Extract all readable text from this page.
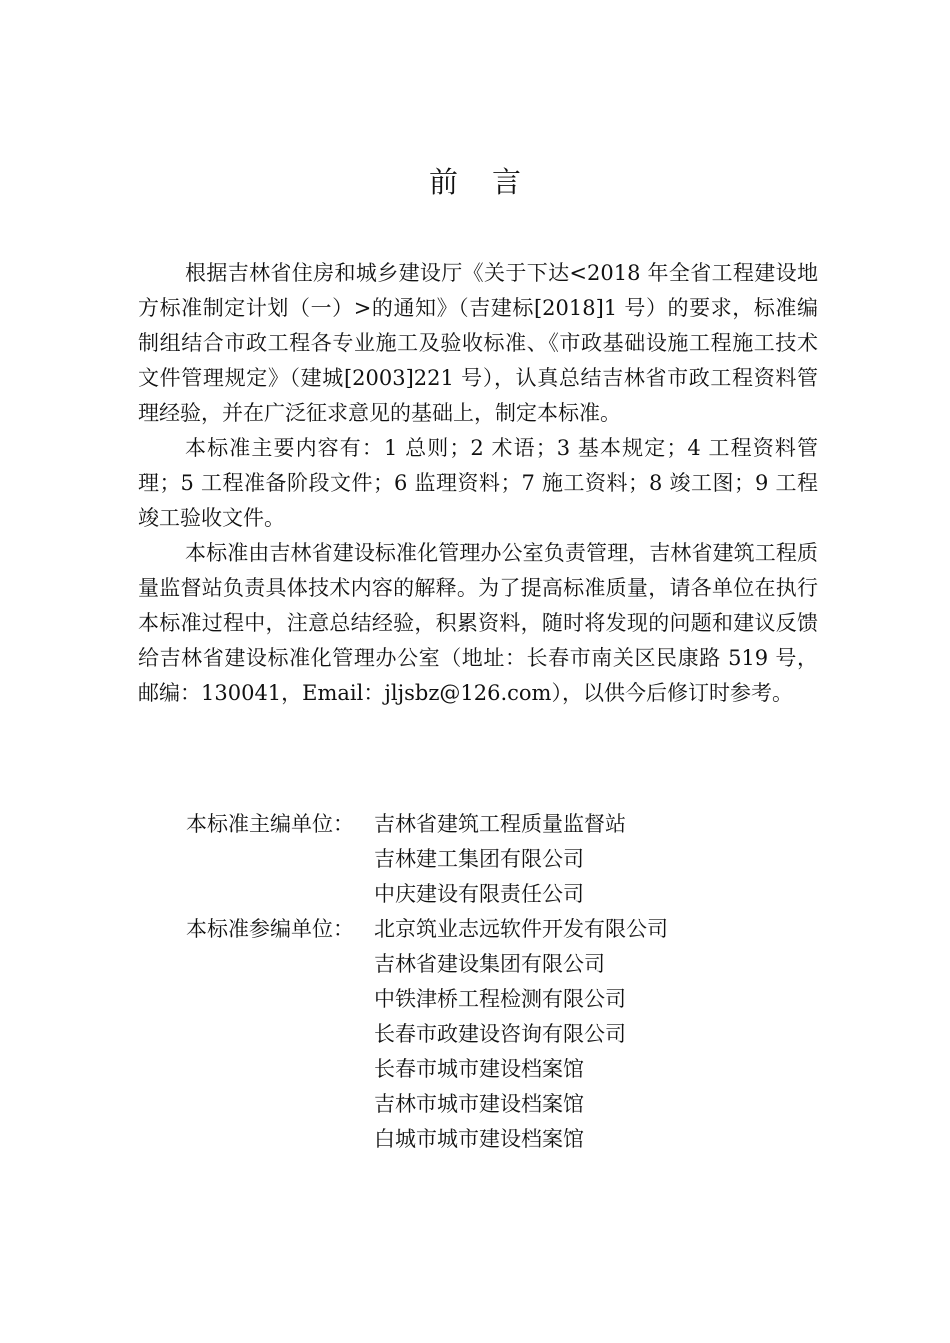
前言

根据吉林省住房和城乡建设厅《关于下达<2018 年全省工程建设地方标准制定计划（一）>的通知》（吉建标[2018]1 号）的要求，标准编制组结合市政工程各专业施工及验收标准、《市政基础设施工程施工技术文件管理规定》（建城[2003]221 号），认真总结吉林省市政工程资料管理经验，并在广泛征求意见的基础上，制定本标准。

本标准主要内容有：1 总则；2 术语；3 基本规定；4 工程资料管理；5 工程准备阶段文件；6 监理资料；7 施工资料；8 竣工图；9 工程竣工验收文件。

本标准由吉林省建设标准化管理办公室负责管理，吉林省建筑工程质量监督站负责具体技术内容的解释。为了提高标准质量，请各单位在执行本标准过程中，注意总结经验，积累资料，随时将发现的问题和建议反馈给吉林省建设标准化管理办公室（地址：长春市南关区民康路 519 号，邮编：130041，Email：jljsbz@126.com），以供今后修订时参考。

本标准主编单位： 吉林省建筑工程质量监督站
吉林建工集团有限公司
中庆建设有限责任公司
本标准参编单位： 北京筑业志远软件开发有限公司
吉林省建设集团有限公司
中铁津桥工程检测有限公司
长春市政建设咨询有限公司
长春市城市建设档案馆
吉林市城市建设档案馆
白城市城市建设档案馆
